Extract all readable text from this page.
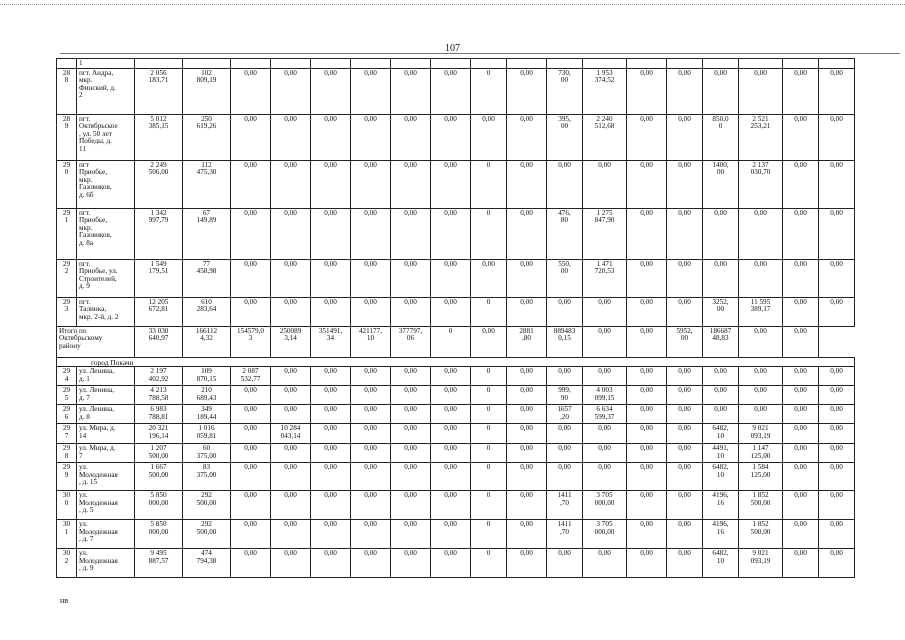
107
	1																		
28
8	пгт. Андра,
мкр.
Финский, д.
2	2 056
183,71	102
809,19	0,00	0,00	0,00	0,00	0,00	0,00	0	0,00	730,
00	1 953
374,52	0,00	0,00	0,00	0,00	0,00	0,00
28
9	пгт.
Октябрьское
, ул. 50 лет
Победы, д.
11	5 012
385,15	250
619,26	0,00	0,00	0,00	0,00	0,00	0,00	0,00	0,00	395,
00	2 240
512,68	0,00	0,00	850,0
0	2 521
253,21	0,00	0,00
29
0	пгт
Приобье,
мкр.
Газовиков,
д. 6б	2 249
506,00	112
475,30	0,00	0,00	0,00	0,00	0,00	0,00	0	0,00	0,00	0,00	0,00	0,00	1400,
00	2 137
030,70	0,00	0,00
29
1	пгт.
Приобье,
мкр.
Газовиков,
д. 8а	1 342
997,79	67
149,89	0,00	0,00	0,00	0,00	0,00	0,00	0	0,00	476,
80	1 275
847,90	0,00	0,00	0,00	0,00	0,00	0,00
29
2	пгт.
Приобье, ул.
Строителей,
д. 9	1 549
179,51	77
458,98	0,00	0,00	0,00	0,00	0,00	0,00	0,00	0,00	550,
00	1 471
720,53	0,00	0,00	0,00	0,00	0,00	0,00
29
3	пгт.
Талинка,
мкр. 2-й, д. 2	12 205
672,81	610
283,64	0,00	0,00	0,00	0,00	0,00	0,00	0	0,00	0,00	0,00	0,00	0,00	3252,
00	11 595
389,17	0,00	0,00
Итого по
Октябрьскому
району		33 030
640,97	166112
4,32	154579,0
3	250089
3,14	351491,
34	421177,
10	377797,
06	0	0,00	2881
,80	889483
0,15	0,00	0,00	5952,
00	186687
48,83	0,00	0,00	
город Покачи																			
29
4	ул. Ленина,
д. 1	2 197
402,92	109
870,15	2 087
532,77	0,00	0,00	0,00	0,00	0,00	0	0,00	0,00	0,00	0,00	0,00	0,00	0,00	0,00	0,00
29
5	ул. Ленина,
д. 7	4 213
788,58	210
689,43	0,00	0,00	0,00	0,00	0,00	0,00	0	0,00	999,
90	4 003
099,15	0,00	0,00	0,00	0,00	0,00	0,00
29
6	ул. Ленина,
д. 8	6 983
788,81	349
189,44	0,00	0,00	0,00	0,00	0,00	0,00	0	0,00	1657
,20	6 634
599,37	0,00	0,00	0,00	0,00	0,00	0,00
29
7	ул. Мира, д.
14	20 321
196,14	1 016
059,81	0,00	10 284
043,14	0,00	0,00	0,00	0,00	0	0,00	0,00	0,00	0,00	0,00	6482,
10	9 021
093,19	0,00	0,00
29
8	ул. Мира, д.
7	1 207
500,00	60
375,00	0,00	0,00	0,00	0,00	0,00	0,00	0	0,00	0,00	0,00	0,00	0,00	4491,
10	1 147
125,00	0,00	0,00
29
9	ул.
Молодежная
, д. 15	1 667
500,00	83
375,00	0,00	0,00	0,00	0,00	0,00	0,00	0	0,00	0,00	0,00	0,00	0,00	6482,
10	1 584
125,00	0,00	0,00
30
0	ул.
Молодежная
, д. 5	5 850
000,00	292
500,00	0,00	0,00	0,00	0,00	0,00	0,00	0	0,00	1411
,70	3 705
000,00	0,00	0,00	4196,
16	1 852
500,00	0,00	0,00
30
1	ул.
Молодежная
, д. 7	5 850
000,00	292
500,00	0,00	0,00	0,00	0,00	0,00	0,00	0	0,00	1411
,70	3 705
000,00	0,00	0,00	4196,
16	1 852
500,00	0,00	0,00
30
2	ул.
Молодежная
, д. 9	9 495
887,57	474
794,38	0,00	0,00	0,00	0,00	0,00	0,00	0	0,00	0,00	0,00	0,00	0,00	6482,
10	9 021
093,19	0,00	0,00
нв
